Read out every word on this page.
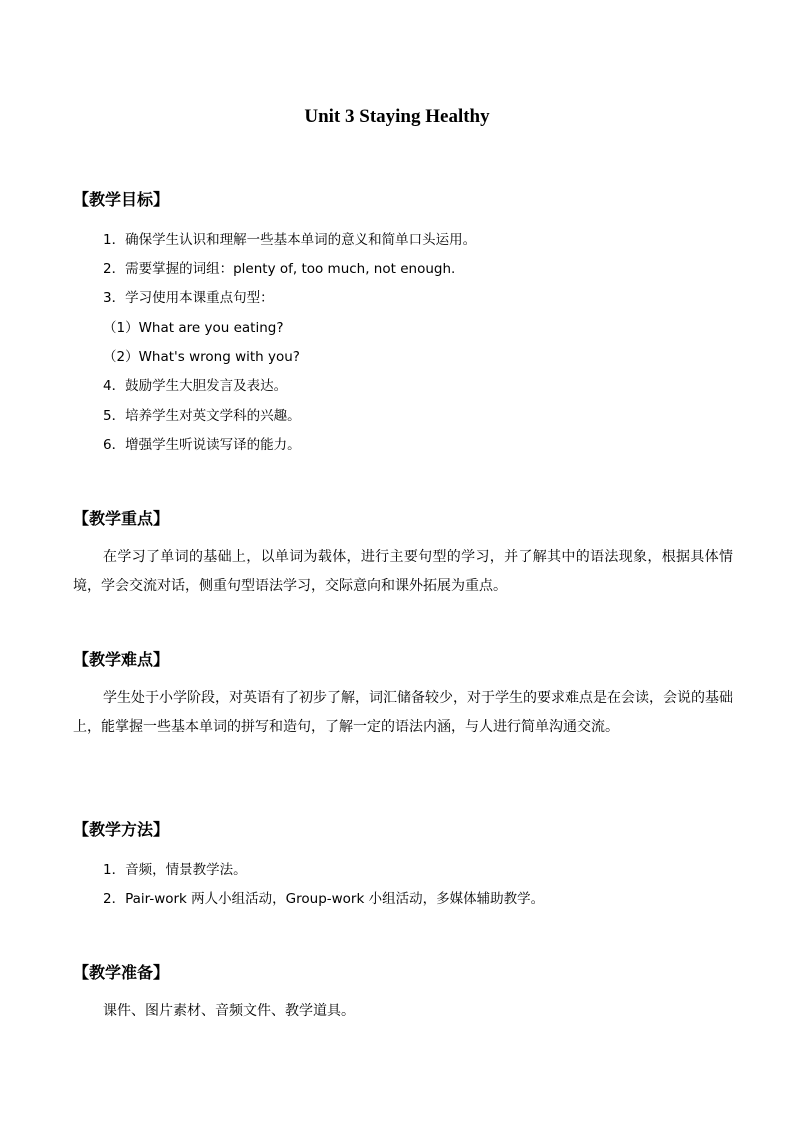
Unit 3 Staying Healthy
【教学目标】

1．确保学生认识和理解一些基本单词的意义和简单口头运用。

2．需要掌握的词组：plenty of, too much, not enough.

3．学习使用本课重点句型：

（1）What are you eating?

（2）What's wrong with you?

4．鼓励学生大胆发言及表达。

5．培养学生对英文学科的兴趣。

6．增强学生听说读写译的能力。

【教学重点】

在学习了单词的基础上，以单词为载体，进行主要句型的学习，并了解其中的语法现象，根据具体情境，学会交流对话，侧重句型语法学习，交际意向和课外拓展为重点。

【教学难点】

学生处于小学阶段，对英语有了初步了解，词汇储备较少，对于学生的要求难点是在会读，会说的基础上，能掌握一些基本单词的拼写和造句，了解一定的语法内涵，与人进行简单沟通交流。

【教学方法】

1．音频，情景教学法。

2．Pair-work 两人小组活动，Group-work 小组活动，多媒体辅助教学。

【教学准备】

课件、图片素材、音频文件、教学道具。
